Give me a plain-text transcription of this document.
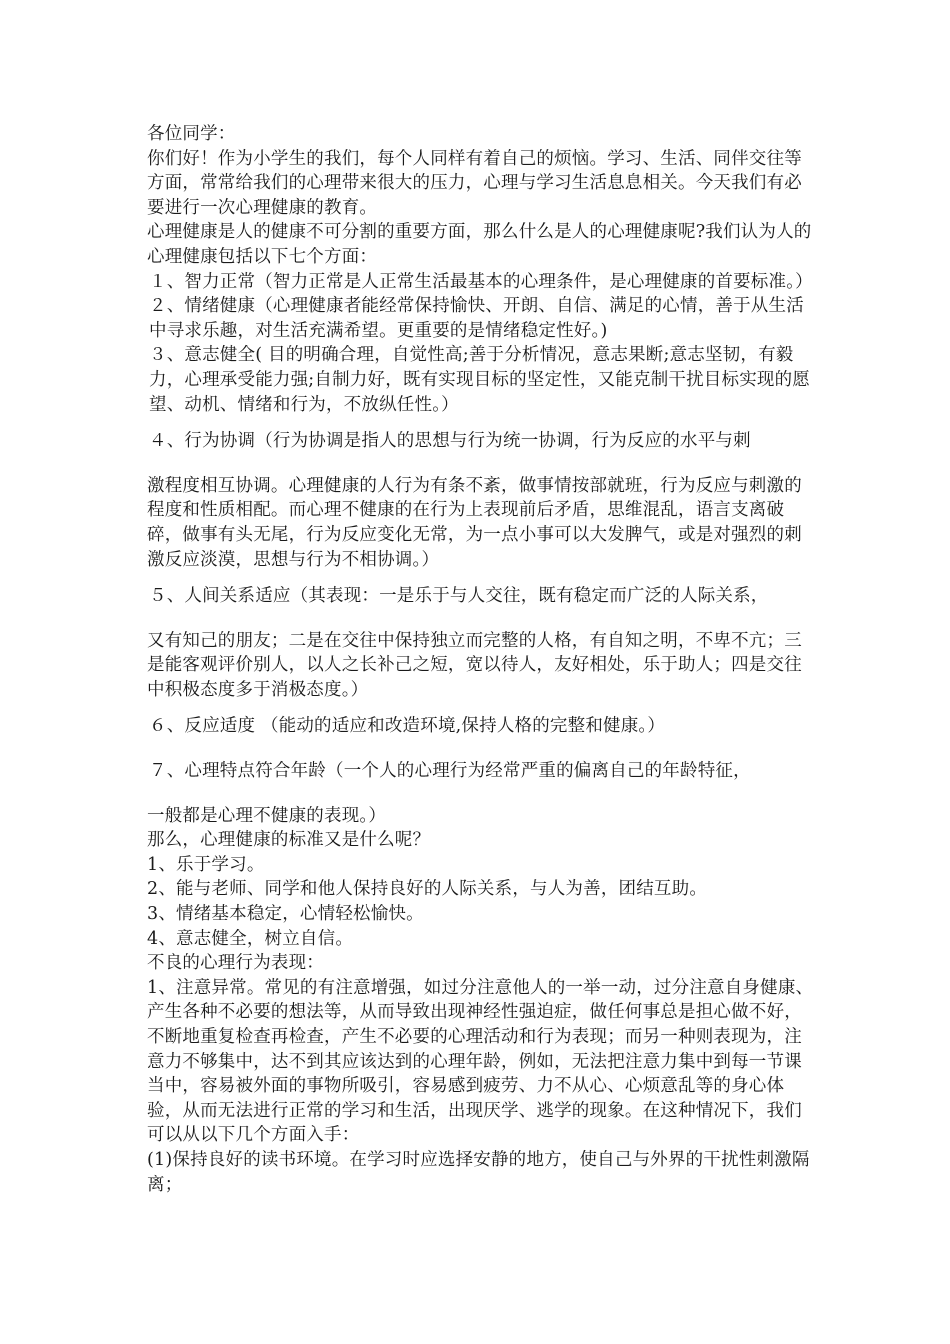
各位同学：

你们好！作为小学生的我们，每个人同样有着自己的烦恼。学习、生活、同伴交往等方面，常常给我们的心理带来很大的压力，心理与学习生活息息相关。今天我们有必要进行一次心理健康的教育。

心理健康是人的健康不可分割的重要方面，那么什么是人的心理健康呢?我们认为人的心理健康包括以下七个方面：

１、智力正常（智力正常是人正常生活最基本的心理条件，是心理健康的首要标准。）

２、情绪健康（心理健康者能经常保持愉快、开朗、自信、满足的心情，善于从生活中寻求乐趣，对生活充满希望。更重要的是情绪稳定性好。)

３、意志健全( 目的明确合理，自觉性高;善于分析情况，意志果断;意志坚韧，有毅力，心理承受能力强;自制力好，既有实现目标的坚定性，又能克制干扰目标实现的愿望、动机、情绪和行为，不放纵任性。）

４、行为协调（行为协调是指人的思想与行为统一协调，行为反应的水平与刺

激程度相互协调。心理健康的人行为有条不紊，做事情按部就班，行为反应与刺激的程度和性质相配。而心理不健康的在行为上表现前后矛盾，思维混乱，语言支离破碎，做事有头无尾，行为反应变化无常，为一点小事可以大发脾气，或是对强烈的刺激反应淡漠，思想与行为不相协调。）

５、人间关系适应（其表现：一是乐于与人交往，既有稳定而广泛的人际关系，

又有知己的朋友；二是在交往中保持独立而完整的人格，有自知之明，不卑不亢；三是能客观评价别人，以人之长补己之短，宽以待人，友好相处，乐于助人；四是交往中积极态度多于消极态度。）

６、反应适度 （能动的适应和改造环境,保持人格的完整和健康。）

７、心理特点符合年龄（一个人的心理行为经常严重的偏离自己的年龄特征，

一般都是心理不健康的表现。）

那么，心理健康的标准又是什么呢？

1、乐于学习。

2、能与老师、同学和他人保持良好的人际关系，与人为善，团结互助。

3、情绪基本稳定，心情轻松愉快。

4、意志健全，树立自信。

不良的心理行为表现：

1、注意异常。常见的有注意增强，如过分注意他人的一举一动，过分注意自身健康、产生各种不必要的想法等，从而导致出现神经性强迫症，做任何事总是担心做不好，不断地重复检查再检查，产生不必要的心理活动和行为表现；而另一种则表现为，注意力不够集中，达不到其应该达到的心理年龄，例如，无法把注意力集中到每一节课当中，容易被外面的事物所吸引，容易感到疲劳、力不从心、心烦意乱等的身心体验，从而无法进行正常的学习和生活，出现厌学、逃学的现象。在这种情况下，我们可以从以下几个方面入手：

(1)保持良好的读书环境。在学习时应选择安静的地方，使自己与外界的干扰性刺激隔离；
